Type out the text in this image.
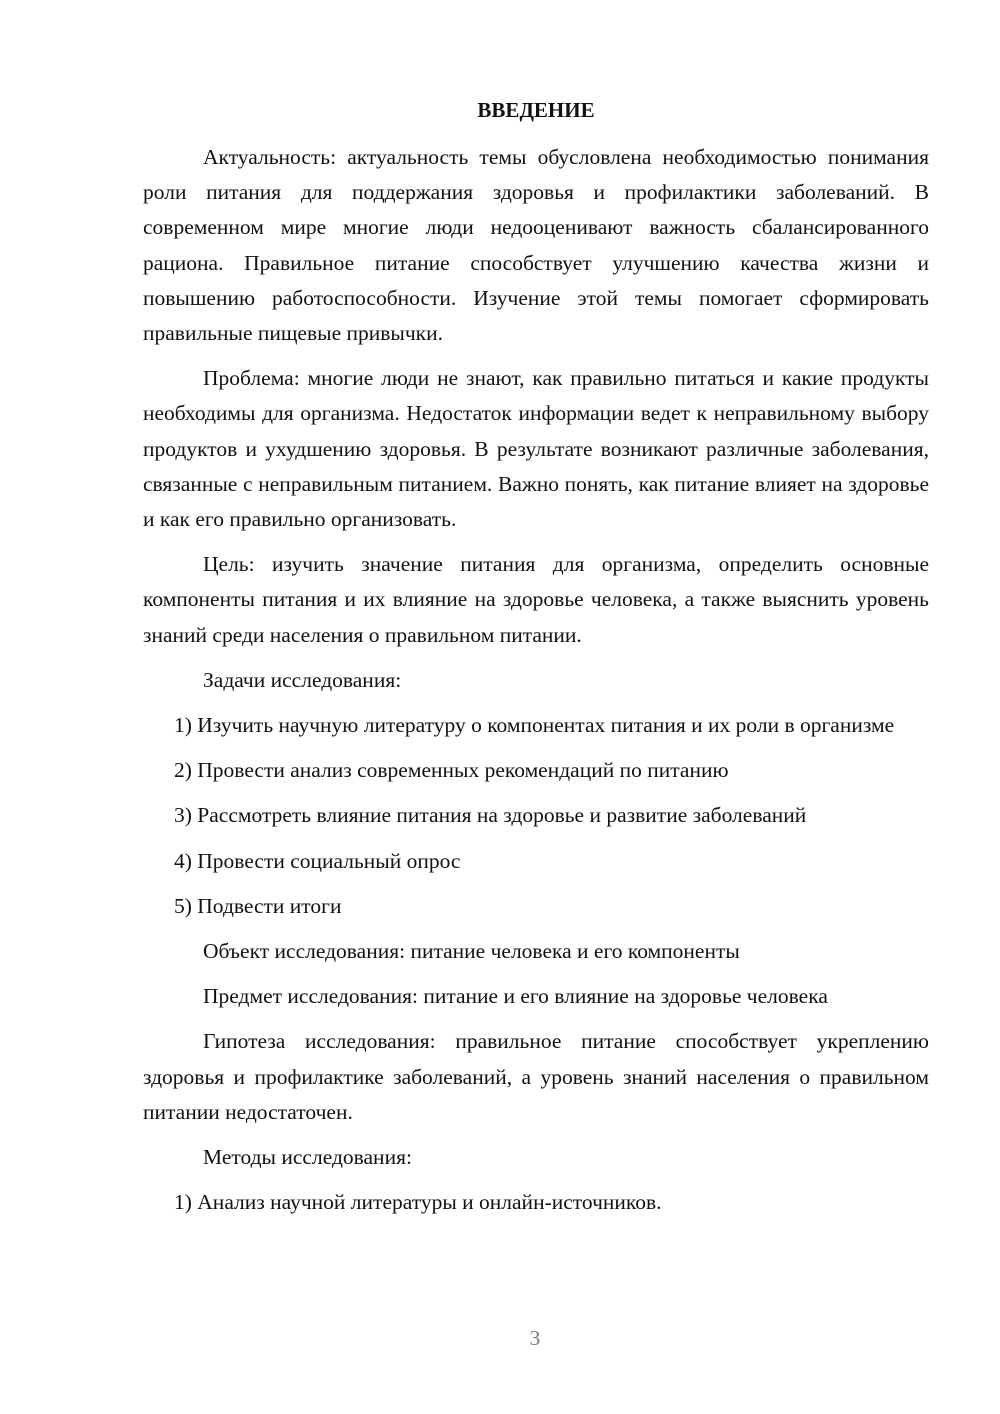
ВВЕДЕНИЕ

Актуальность: актуальность темы обусловлена необходимостью понимания роли питания для поддержания здоровья и профилактики заболеваний. В современном мире многие люди недооценивают важность сбалансированного рациона. Правильное питание способствует улучшению качества жизни и повышению работоспособности. Изучение этой темы помогает сформировать правильные пищевые привычки.

Проблема: многие люди не знают, как правильно питаться и какие продукты необходимы для организма. Недостаток информации ведет к неправильному выбору продуктов и ухудшению здоровья. В результате возникают различные заболевания, связанные с неправильным питанием. Важно понять, как питание влияет на здоровье и как его правильно организовать.

Цель: изучить значение питания для организма, определить основные компоненты питания и их влияние на здоровье человека, а также выяснить уровень знаний среди населения о правильном питании.

Задачи исследования:

1) Изучить научную литературу о компонентах питания и их роли в организме

2) Провести анализ современных рекомендаций по питанию

3) Рассмотреть влияние питания на здоровье и развитие заболеваний

4) Провести социальный опрос

5) Подвести итоги

Объект исследования: питание человека и его компоненты

Предмет исследования: питание и его влияние на здоровье человека

Гипотеза исследования: правильное питание способствует укреплению здоровья и профилактике заболеваний, а уровень знаний населения о правильном питании недостаточен.

Методы исследования:

1) Анализ научной литературы и онлайн-источников.

3
